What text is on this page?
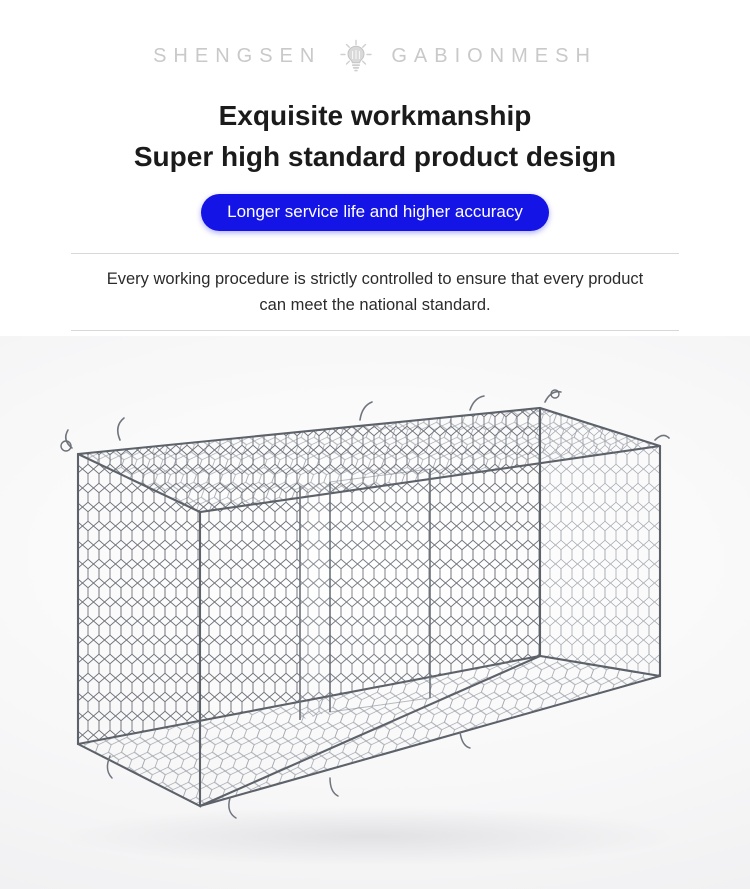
SHENGSEN	GABIONMESH
Exquisite workmanship
Super high standard product design
Longer service life and higher accuracy

Every working procedure is strictly controlled to ensure that every product

can meet the national standard.
